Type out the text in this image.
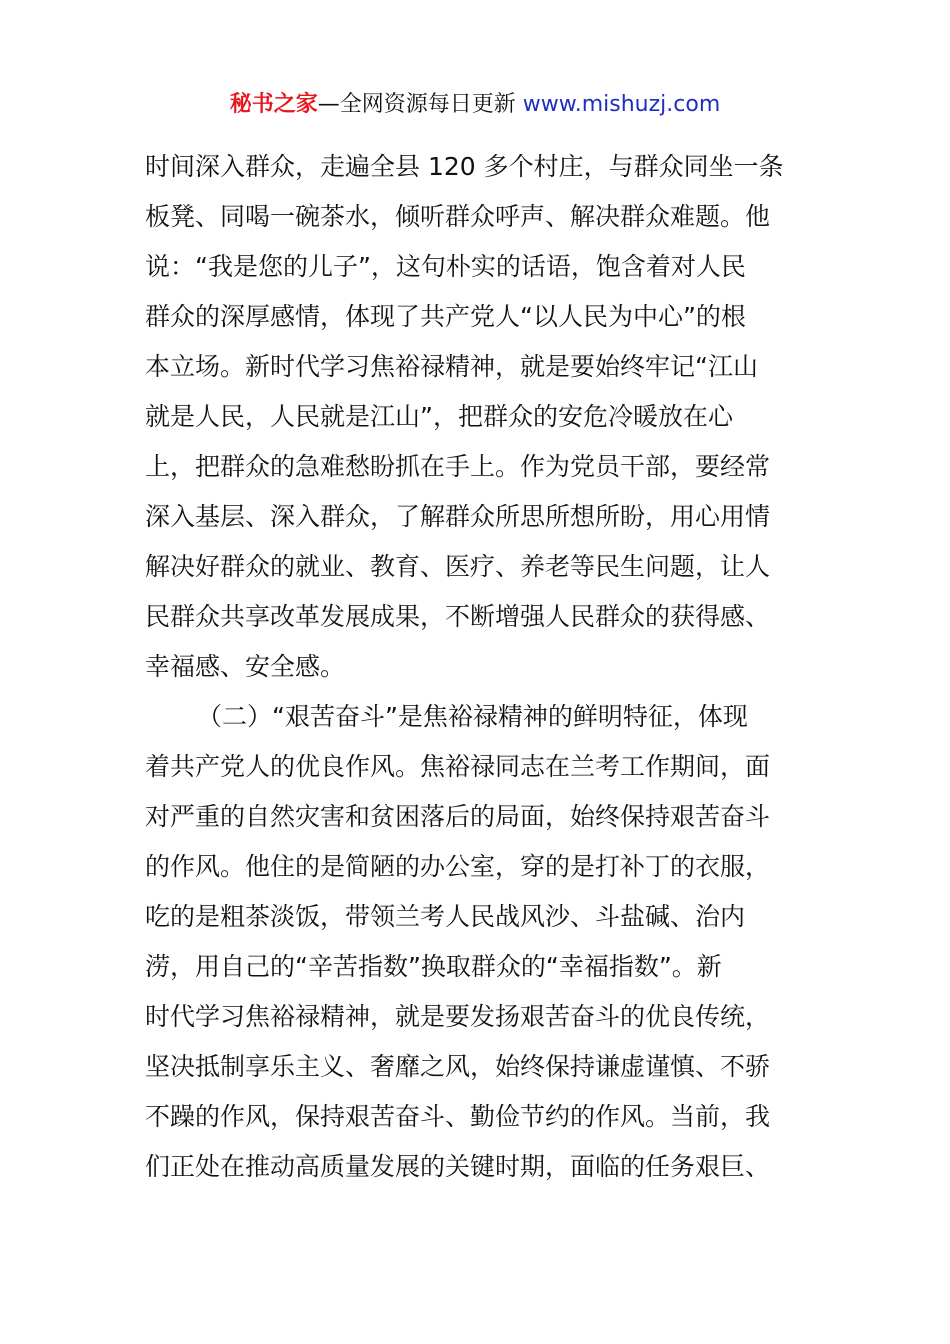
秘书之家—全网资源每日更新 www.mishuzj.com
时间深入群众，走遍全县 120 多个村庄，与群众同坐一条
板凳、同喝一碗茶水，倾听群众呼声、解决群众难题。他
说：“我是您的儿子”，这句朴实的话语，饱含着对人民
群众的深厚感情，体现了共产党人“以人民为中心”的根
本立场。新时代学习焦裕禄精神，就是要始终牢记“江山
就是人民，人民就是江山”，把群众的安危冷暖放在心
上，把群众的急难愁盼抓在手上。作为党员干部，要经常
深入基层、深入群众，了解群众所思所想所盼，用心用情
解决好群众的就业、教育、医疗、养老等民生问题，让人
民群众共享改革发展成果，不断增强人民群众的获得感、
幸福感、安全感。
（二）“艰苦奋斗”是焦裕禄精神的鲜明特征，体现
着共产党人的优良作风。焦裕禄同志在兰考工作期间，面
对严重的自然灾害和贫困落后的局面，始终保持艰苦奋斗
的作风。他住的是简陋的办公室，穿的是打补丁的衣服，
吃的是粗茶淡饭，带领兰考人民战风沙、斗盐碱、治内
涝，用自己的“辛苦指数”换取群众的“幸福指数”。新
时代学习焦裕禄精神，就是要发扬艰苦奋斗的优良传统，
坚决抵制享乐主义、奢靡之风，始终保持谦虚谨慎、不骄
不躁的作风，保持艰苦奋斗、勤俭节约的作风。当前，我
们正处在推动高质量发展的关键时期，面临的任务艰巨、
